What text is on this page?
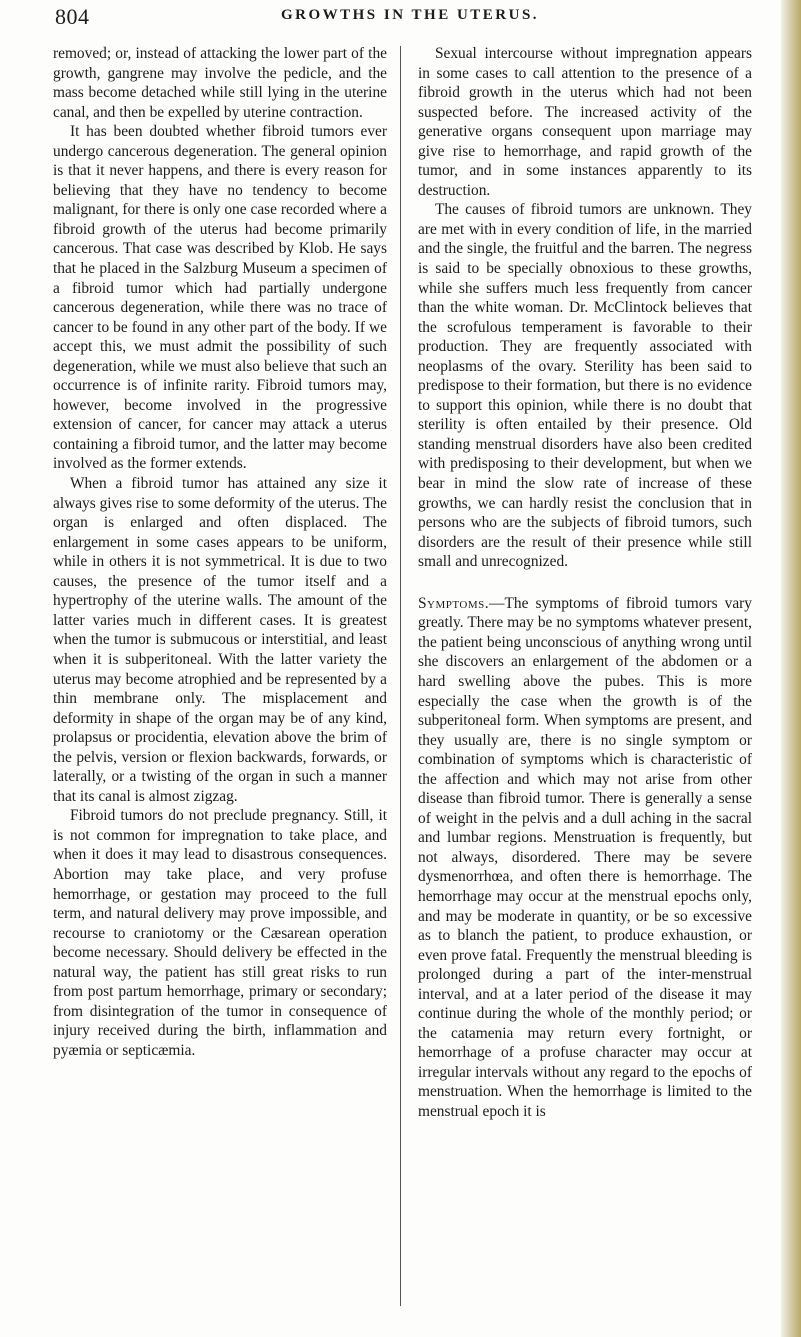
804	GROWTHS IN THE UTERUS.

removed; or, instead of attacking the lower part of the growth, gangrene may involve the pedicle, and the mass become detached while still lying in the uterine canal, and then be expelled by uterine contraction.

It has been doubted whether fibroid tumors ever undergo cancerous degeneration. The general opinion is that it never happens, and there is every reason for believing that they have no tendency to become malignant, for there is only one case recorded where a fibroid growth of the uterus had become primarily cancerous. That case was described by Klob. He says that he placed in the Salzburg Museum a specimen of a fibroid tumor which had partially undergone cancerous degeneration, while there was no trace of cancer to be found in any other part of the body. If we accept this, we must admit the possibility of such degeneration, while we must also believe that such an occurrence is of infinite rarity. Fibroid tumors may, however, become involved in the progressive extension of cancer, for cancer may attack a uterus containing a fibroid tumor, and the latter may become involved as the former extends.

When a fibroid tumor has attained any size it always gives rise to some deformity of the uterus. The organ is enlarged and often displaced. The enlargement in some cases appears to be uniform, while in others it is not symmetrical. It is due to two causes, the presence of the tumor itself and a hypertrophy of the uterine walls. The amount of the latter varies much in different cases. It is greatest when the tumor is submucous or interstitial, and least when it is subperitoneal. With the latter variety the uterus may become atrophied and be represented by a thin membrane only. The misplacement and deformity in shape of the organ may be of any kind, prolapsus or procidentia, elevation above the brim of the pelvis, version or flexion backwards, forwards, or laterally, or a twisting of the organ in such a manner that its canal is almost zigzag.

Fibroid tumors do not preclude pregnancy. Still, it is not common for impregnation to take place, and when it does it may lead to disastrous consequences. Abortion may take place, and very profuse hemorrhage, or gestation may proceed to the full term, and natural delivery may prove impossible, and recourse to craniotomy or the Cæsarean operation become necessary. Should delivery be effected in the natural way, the patient has still great risks to run from post partum hemorrhage, primary or secondary; from disintegration of the tumor in consequence of injury received during the birth, inflammation and pyæmia or septicæmia.

Sexual intercourse without impregnation appears in some cases to call attention to the presence of a fibroid growth in the uterus which had not been suspected before. The increased activity of the generative organs consequent upon marriage may give rise to hemorrhage, and rapid growth of the tumor, and in some instances apparently to its destruction.

The causes of fibroid tumors are unknown. They are met with in every condition of life, in the married and the single, the fruitful and the barren. The negress is said to be specially obnoxious to these growths, while she suffers much less frequently from cancer than the white woman. Dr. McClintock believes that the scrofulous temperament is favorable to their production. They are frequently associated with neoplasms of the ovary. Sterility has been said to predispose to their formation, but there is no evidence to support this opinion, while there is no doubt that sterility is often entailed by their presence. Old standing menstrual disorders have also been credited with predisposing to their development, but when we bear in mind the slow rate of increase of these growths, we can hardly resist the conclusion that in persons who are the subjects of fibroid tumors, such disorders are the result of their presence while still small and unrecognized.

Symptoms.—The symptoms of fibroid tumors vary greatly. There may be no symptoms whatever present, the patient being unconscious of anything wrong until she discovers an enlargement of the abdomen or a hard swelling above the pubes. This is more especially the case when the growth is of the subperitoneal form. When symptoms are present, and they usually are, there is no single symptom or combination of symptoms which is characteristic of the affection and which may not arise from other disease than fibroid tumor. There is generally a sense of weight in the pelvis and a dull aching in the sacral and lumbar regions. Menstruation is frequently, but not always, disordered. There may be severe dysmenorrhœa, and often there is hemorrhage. The hemorrhage may occur at the menstrual epochs only, and may be moderate in quantity, or be so excessive as to blanch the patient, to produce exhaustion, or even prove fatal. Frequently the menstrual bleeding is prolonged during a part of the inter-menstrual interval, and at a later period of the disease it may continue during the whole of the monthly period; or the catamenia may return every fortnight, or hemorrhage of a profuse character may occur at irregular intervals without any regard to the epochs of menstruation. When the hemorrhage is limited to the menstrual epoch it is
